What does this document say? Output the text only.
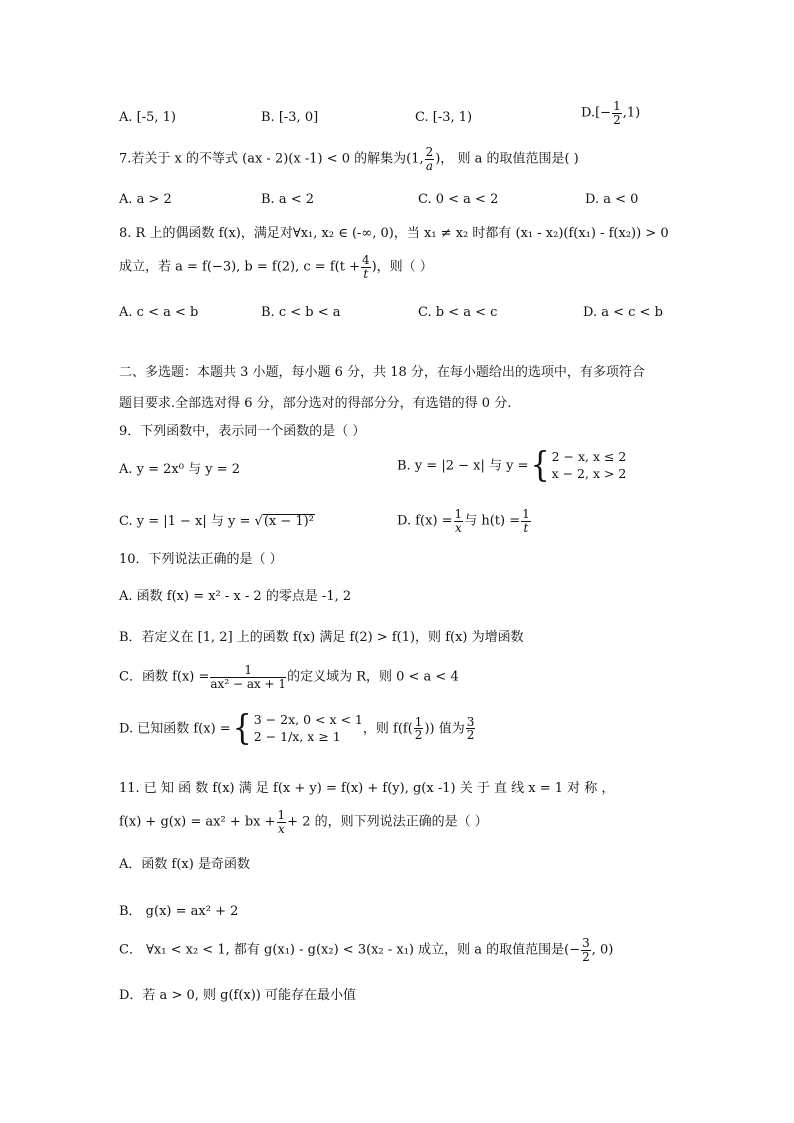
A. [-5, 1)	B. [-3, 0]	C. [-3, 1)	$D.[- \frac{1}{2} ,1)$
7.若关于 x 的不等式 (ax - 2)(x -1) < 0 的解集为(1, $\frac{2}{a}$ )， 则 a 的取值范围是( )
A. a > 2	B. a < 2	C. 0 < a < 2	D. a < 0
8. R 上的偶函数 f(x)，满足对∀x₁, x₂ ∈ (-∞, 0)，当 x₁ ≠ x₂ 时都有 (x₁ - x₂)(f(x₁) - f(x₂)) > 0
成立，若 a = f(−3), b = f(2), $c = f(t + \frac{4}{t}$ )，则（ ）
A. c < a < b	B. c < b < a	C. b < a < c	D. a < c < b
二、多选题：本题共 3 小题，每小题 6 分，共 18 分，在每小题给出的选项中，有多项符合
题目要求.全部选对得 6 分，部分选对的得部分分，有选错的得 0 分.
9．下列函数中，表示同一个函数的是（ ）
A. y = 2x⁰ 与 y = 2	B. y = |2 − x| 与 y ={ 2 − x, x ≤ 2
x − 2, x > 2
C. y = |1 − x| 与 y = √(x − 1)²	D. $f(x) = \frac{1}{x}$ 与 $h(t) = \frac{1}{t}$
10．下列说法正确的是（ ）
A. 函数 f(x) = x² - x - 2 的零点是 -1, 2
B．若定义在 [1, 2] 上的函数 f(x) 满足 f(2) > f(1)，则 f(x) 为增函数
C．函数 $f(x) = \frac{1}{\text{ax² − ax + 1}}$ 的定义域为 R，则 0 < a < 4
D. 已知函数 f(x) ={ 3 − 2x, 0 < x < 1
2 − 1/x, x ≥ 1	，则 $f(f( \frac{1}{2}$ )) 值为 $\frac{3}{2}$
11. 已 知 函 数 f(x) 满 足 f(x + y) = f(x) + f(y), g(x -1) 关 于 直 线 x = 1 对 称 ，
f(x) + g(x) = ax² + bx + $\frac{1}{x} + 2$ 的，则下列说法正确的是（ ）
A．函数 f(x) 是奇函数
B． g(x) = ax² + 2
C． ∀x₁ < x₂ < 1, 都有 g(x₁) - g(x₂) < 3(x₂ - x₁) 成立，则 a 的取值范围是(− $\frac{3}{2}$ , 0)
D．若 a > 0, 则 g(f(x)) 可能存在最小值
